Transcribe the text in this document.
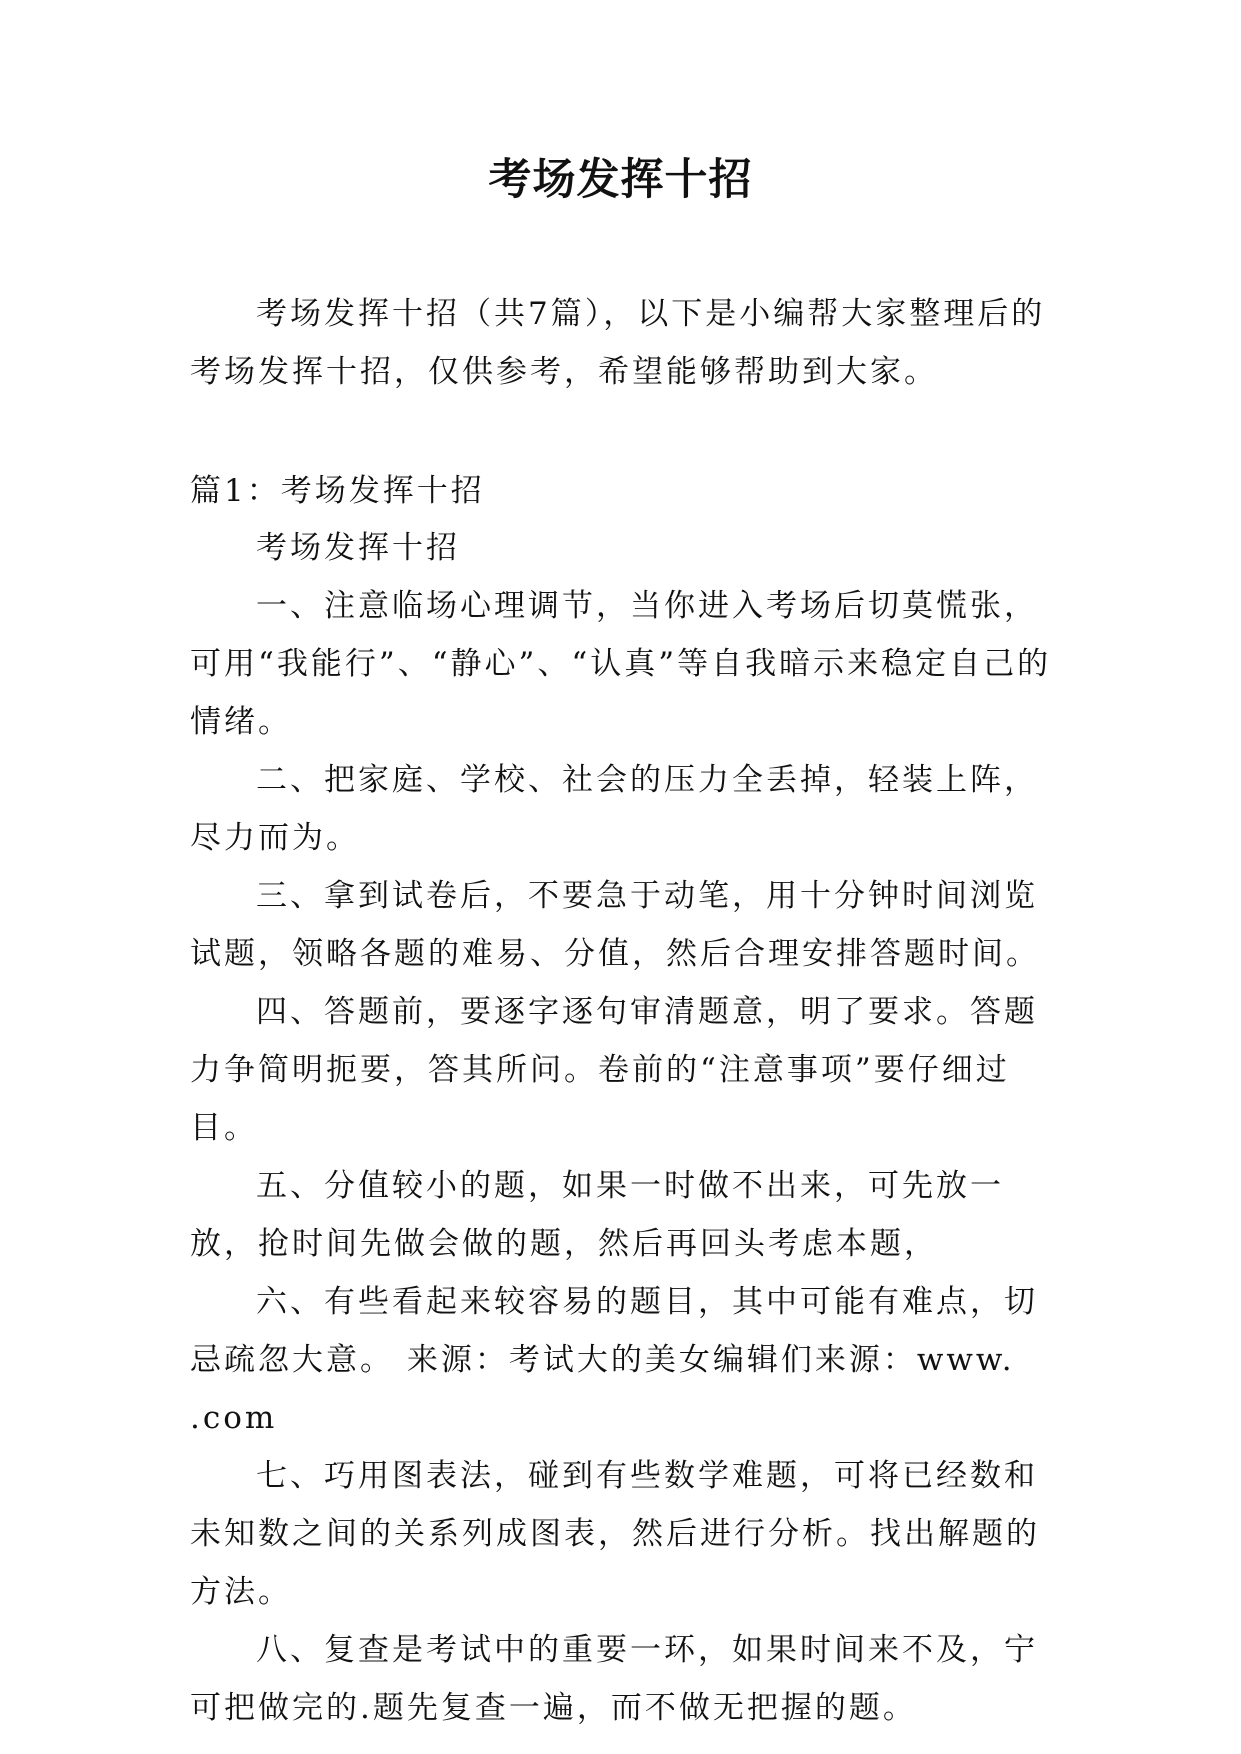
考场发挥十招

考场发挥十招（共7篇），以下是小编帮大家整理后的考场发挥十招，仅供参考，希望能够帮助到大家。

篇1：考场发挥十招

考场发挥十招

一、注意临场心理调节，当你进入考场后切莫慌张，可用“我能行”、“静心”、“认真”等自我暗示来稳定自己的情绪。

二、把家庭、学校、社会的压力全丢掉，轻装上阵，尽力而为。

三、拿到试卷后，不要急于动笔，用十分钟时间浏览试题，领略各题的难易、分值，然后合理安排答题时间。

四、答题前，要逐字逐句审清题意，明了要求。答题力争简明扼要，答其所问。卷前的“注意事项”要仔细过目。

五、分值较小的题，如果一时做不出来，可先放一放，抢时间先做会做的题，然后再回头考虑本题，

六、有些看起来较容易的题目，其中可能有难点，切忌疏忽大意。 来源：考试大的美女编辑们来源：www. .com

七、巧用图表法，碰到有些数学难题，可将已经数和未知数之间的关系列成图表，然后进行分析。找出解题的方法。

八、复查是考试中的重要一环，如果时间来不及，宁可把做完的.题先复查一遍，而不做无把握的题。
